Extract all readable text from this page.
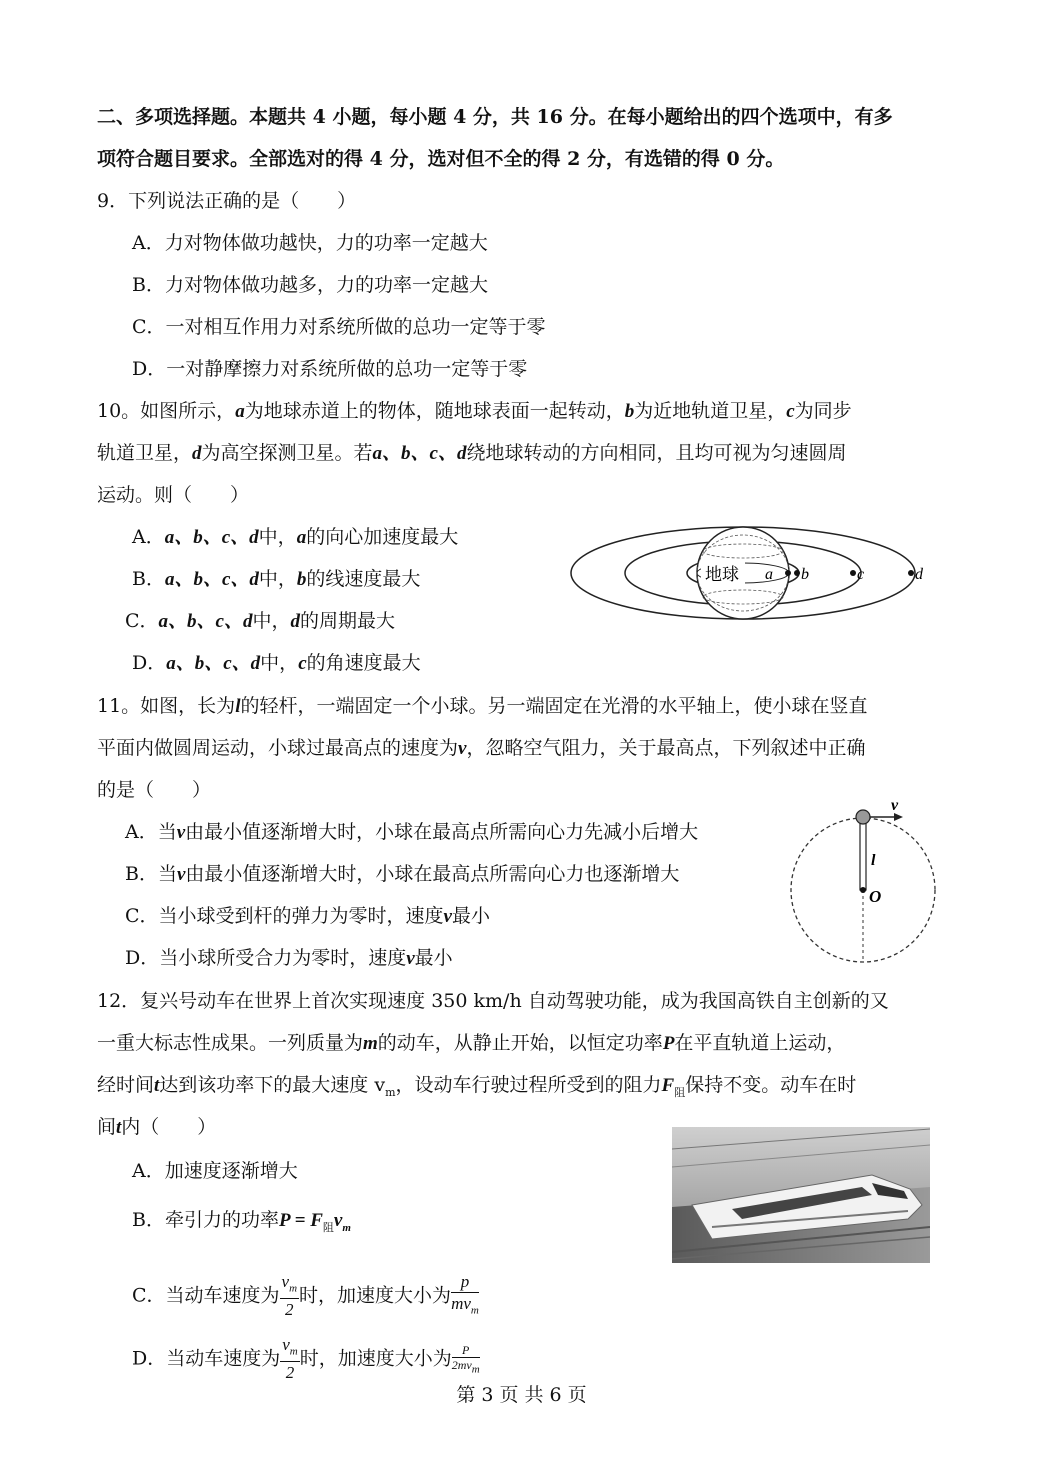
二、多项选择题。本题共 4 小题，每小题 4 分，共 16 分。在每小题给出的四个选项中，有多
项符合题目要求。全部选对的得 4 分，选对但不全的得 2 分，有选错的得 0 分。
9．下列说法正确的是（　　）
A．力对物体做功越快，力的功率一定越大
B．力对物体做功越多，力的功率一定越大
C．一对相互作用力对系统所做的总功一定等于零
D．一对静摩擦力对系统所做的总功一定等于零
10。如图所示，a为地球赤道上的物体，随地球表面一起转动，b为近地轨道卫星，c为同步
轨道卫星，d为高空探测卫星。若a、b、c、d绕地球转动的方向相同，且均可视为匀速圆周
运动。则（　　）
A．a、b、c、d中，a的向心加速度最大
B．a、b、c、d中，b的线速度最大
C．a、b、c、d中，d的周期最大
D．a、b、c、d中，c的角速度最大
地球 a b	c	d
11。如图，长为l的轻杆，一端固定一个小球。另一端固定在光滑的水平轴上，使小球在竖直
平面内做圆周运动，小球过最高点的速度为v，忽略空气阻力，关于最高点，下列叙述中正确
的是（　　）
A．当v由最小值逐渐增大时，小球在最高点所需向心力先减小后增大
B．当v由最小值逐渐增大时，小球在最高点所需向心力也逐渐增大
C．当小球受到杆的弹力为零时，速度v最小
D．当小球所受合力为零时，速度v最小
v
l
O
12．复兴号动车在世界上首次实现速度 350 km/h 自动驾驶功能，成为我国高铁自主创新的又
一重大标志性成果。一列质量为m的动车，从静止开始，以恒定功率P在平直轨道上运动，
经时间t达到该功率下的最大速度 $v_m$，设动车行驶过程所受到的阻力$F_阻$保持不变。动车在时
间t内（　　）
A．加速度逐渐增大
B．牵引力的功率$P = F_阻v_m$
C．当动车速度为 $\frac{v_m}{2}$ 时，加速度大小为 $\frac{p}{mv_m}$
D．当动车速度为 $\frac{v_m}{2}$ 时，加速度大小为 $\frac{P}{2mv_m}$
第 3 页 共 6 页
